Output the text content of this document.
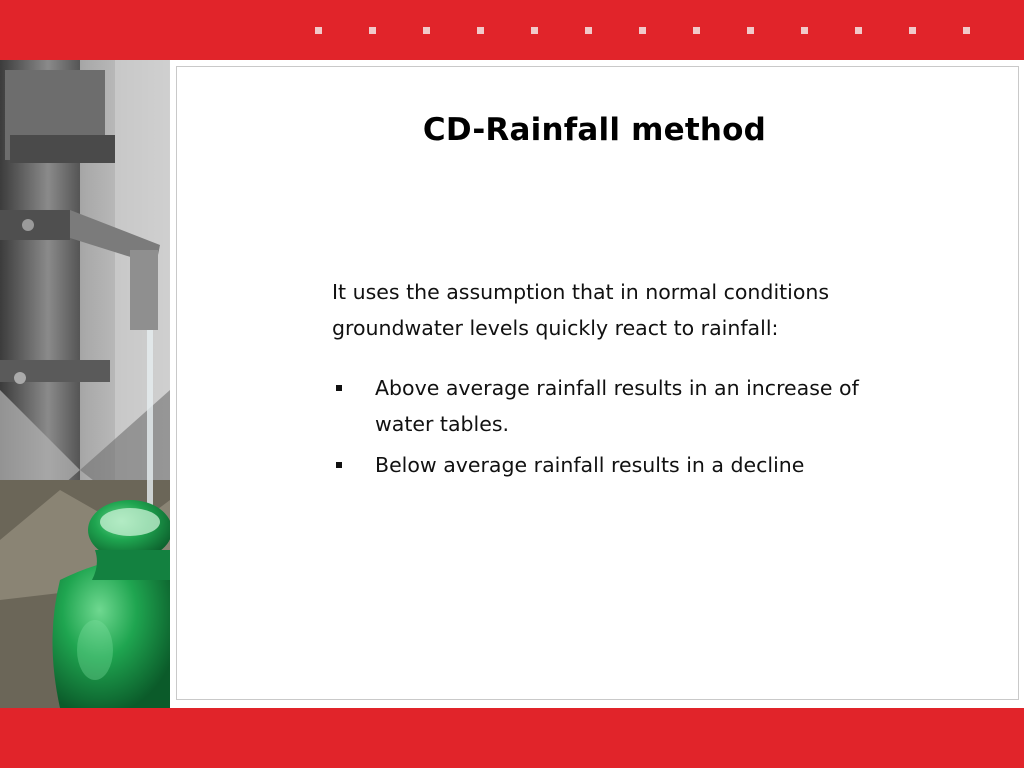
CD-Rainfall method

It uses the assumption that in normal conditions groundwater levels quickly react to rainfall:

Above average rainfall results in an increase of water tables.
Below average rainfall results in a decline
